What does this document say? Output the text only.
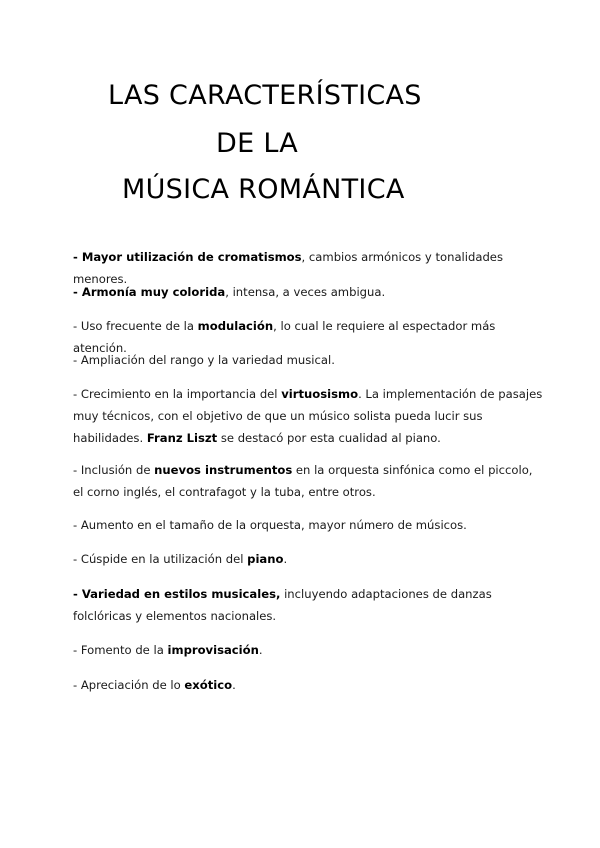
LAS CARACTERÍSTICAS
DE LA
MÚSICA ROMÁNTICA

- Mayor utilización de cromatismos, cambios armónicos y tonalidades menores.

- Armonía muy colorida, intensa, a veces ambigua.

- Uso frecuente de la modulación, lo cual le requiere al espectador más atención.

- Ampliación del rango y la variedad musical.

- Crecimiento en la importancia del virtuosismo. La implementación de pasajes muy técnicos, con el objetivo de que un músico solista pueda lucir sus habilidades. Franz Liszt se destacó por esta cualidad al piano.

- Inclusión de nuevos instrumentos en la orquesta sinfónica como el piccolo, el corno inglés, el contrafagot y la tuba, entre otros.

- Aumento en el tamaño de la orquesta, mayor número de músicos.

- Cúspide en la utilización del piano.

- Variedad en estilos musicales, incluyendo adaptaciones de danzas folclóricas y elementos nacionales.

- Fomento de la improvisación.

- Apreciación de lo exótico.
